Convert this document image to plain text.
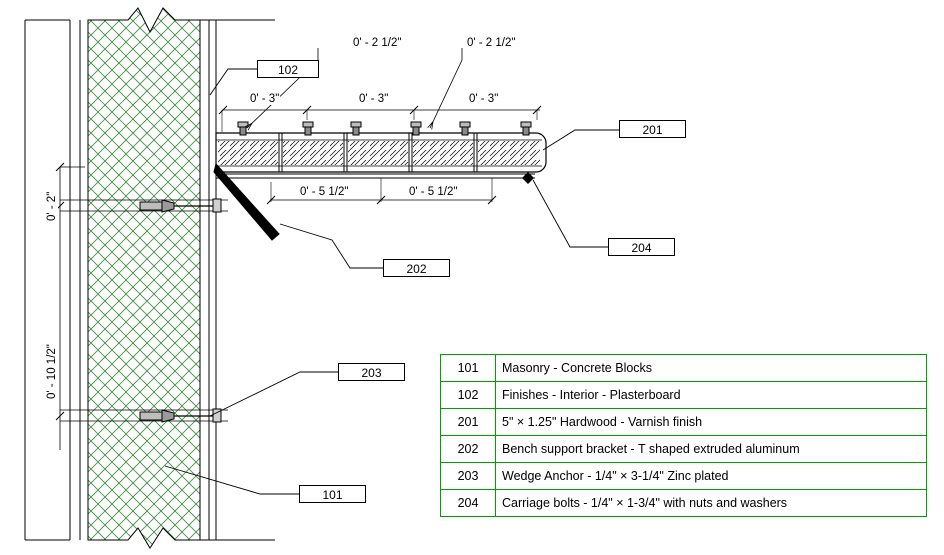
102
201
204
202
203
101
0' - 2 1/2"	0' - 2 1/2"
0' - 3"	0' - 3"	0' - 3"
0' - 5 1/2"	0' - 5 1/2"
0' - 2"
0' - 10 1/2"	101	Masonry - Concrete Blocks
102	Finishes - Interior - Plasterboard
201	5" × 1.25" Hardwood - Varnish finish
202	Bench support bracket - T shaped extruded aluminum
203	Wedge Anchor - 1/4" × 3-1/4" Zinc plated
204	Carriage bolts - 1/4" × 1-3/4" with nuts and washers
